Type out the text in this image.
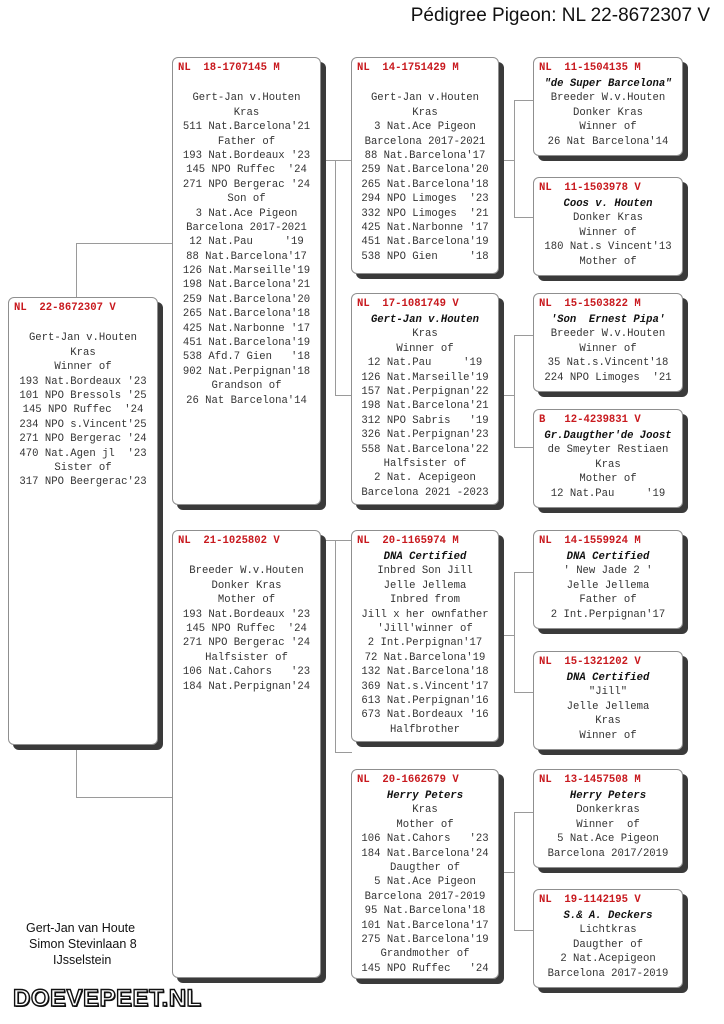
Pédigree Pigeon: NL 22-8672307 V
NL  22-8672307 V
Gert-Jan v.Houten
Kras
Winner of
193 Nat.Bordeaux '23
101 NPO Bressols '25
145 NPO Ruffec  '24
234 NPO s.Vincent'25
271 NPO Bergerac '24
470 Nat.Agen jl  '23
Sister of
317 NPO Beergerac'23
NL  18-1707145 M
Gert-Jan v.Houten
Kras
511 Nat.Barcelona'21
Father of
193 Nat.Bordeaux '23
145 NPO Ruffec  '24
271 NPO Bergerac '24
Son of
3 Nat.Ace Pigeon
Barcelona 2017-2021
12 Nat.Pau     '19
88 Nat.Barcelona'17
126 Nat.Marseille'19
198 Nat.Barcelona'21
259 Nat.Barcelona'20
265 Nat.Barcelona'18
425 Nat.Narbonne '17
451 Nat.Barcelona'19
538 Afd.7 Gien   '18
902 Nat.Perpignan'18
Grandson of
26 Nat Barcelona'14
NL  21-1025802 V
Breeder W.v.Houten
Donker Kras
Mother of
193 Nat.Bordeaux '23
145 NPO Ruffec  '24
271 NPO Bergerac '24
Halfsister of
106 Nat.Cahors   '23
184 Nat.Perpignan'24
NL  14-1751429 M
Gert-Jan v.Houten
Kras
3 Nat.Ace Pigeon
Barcelona 2017-2021
88 Nat.Barcelona'17
259 Nat.Barcelona'20
265 Nat.Barcelona'18
294 NPO Limoges  '23
332 NPO Limoges  '21
425 Nat.Narbonne '17
451 Nat.Barcelona'19
538 NPO Gien     '18
NL  17-1081749 V
Gert-Jan v.Houten
Kras
Winner of
12 Nat.Pau     '19
126 Nat.Marseille'19
157 Nat.Perpignan'22
198 Nat.Barcelona'21
312 NPO Sabris   '19
326 Nat.Perpignan'23
558 Nat.Barcelona'22
Halfsister of
2 Nat. Acepigeon
Barcelona 2021 -2023
NL  20-1165974 M
DNA Certified
Inbred Son Jill
Jelle Jellema
Inbred from
Jill x her ownfather
'Jill'winner of
2 Int.Perpignan'17
72 Nat.Barcelona'19
132 Nat.Barcelona'18
369 Nat.s.Vincent'17
613 Nat.Perpignan'16
673 Nat.Bordeaux '16
Halfbrother
NL  20-1662679 V
Herry Peters
Kras
Mother of
106 Nat.Cahors   '23
184 Nat.Barcelona'24
Daugther of
5 Nat.Ace Pigeon
Barcelona 2017-2019
95 Nat.Barcelona'18
101 Nat.Barcelona'17
275 Nat.Barcelona'19
Grandmother of
145 NPO Ruffec   '24
NL  11-1504135 M
"de Super Barcelona"
Breeder W.v.Houten
Donker Kras
Winner of
26 Nat Barcelona'14
NL  11-1503978 V
Coos v. Houten
Donker Kras
Winner of
180 Nat.s Vincent'13
Mother of
NL  15-1503822 M
'Son  Ernest Pipa'
Breeder W.v.Houten
Winner of
35 Nat.s.Vincent'18
224 NPO Limoges  '21
B   12-4239831 V
Gr.Daugther'de Joost
de Smeyter Restiaen
Kras
Mother of
12 Nat.Pau     '19
NL  14-1559924 M
DNA Certified
' New Jade 2 '
Jelle Jellema
Father of
2 Int.Perpignan'17
NL  15-1321202 V
DNA Certified
"Jill"
Jelle Jellema
Kras
Winner of
NL  13-1457508 M
Herry Peters
Donkerkras
Winner  of
5 Nat.Ace Pigeon
Barcelona 2017/2019
NL  19-1142195 V
S.& A. Deckers
Lichtkras
Daugther of
2 Nat.Acepigeon
Barcelona 2017-2019
Gert-Jan van Houte
Simon Stevinlaan 8
IJsselstein
DOEVEPEET.NL
